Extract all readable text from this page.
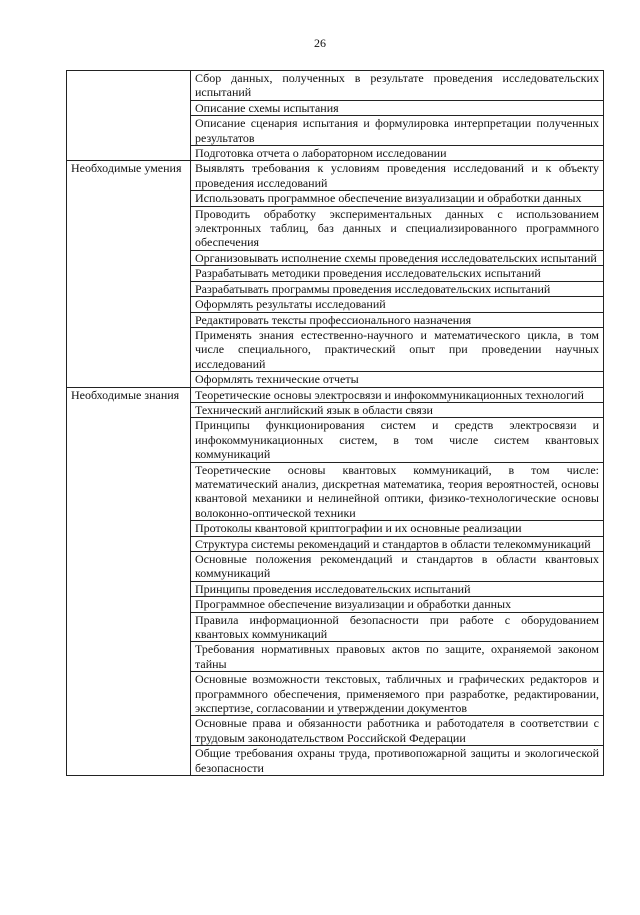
26

	Сбор данных, полученных в результате проведения исследовательских испытаний

	Описание схемы испытания

	Описание сценария испытания и формулировка интерпретации полученных результатов

	Подготовка отчета о лабораторном исследовании

Необходимые умения	Выявлять требования к условиям проведения исследований и к объекту проведения исследований

	Использовать программное обеспечение визуализации и обработки данных

	Проводить обработку экспериментальных данных с использованием электронных таблиц, баз данных и специализированного программного обеспечения

	Организовывать исполнение схемы проведения исследовательских испытаний

	Разрабатывать методики проведения исследовательских испытаний

	Разрабатывать программы проведения исследовательских испытаний

	Оформлять результаты исследований

	Редактировать тексты профессионального назначения

	Применять знания естественно-научного и математического цикла, в том числе специального, практический опыт при проведении научных исследований

	Оформлять технические отчеты

Необходимые знания	Теоретические основы электросвязи и инфокоммуникационных технологий

	Технический английский язык в области связи

	Принципы функционирования систем и средств электросвязи и инфокоммуникационных систем, в том числе систем квантовых коммуникаций

	Теоретические основы квантовых коммуникаций, в том числе: математический анализ, дискретная математика, теория вероятностей, основы квантовой механики и нелинейной оптики, физико-технологические основы волоконно-оптической техники

	Протоколы квантовой криптографии и их основные реализации

	Структура системы рекомендаций и стандартов в области телекоммуникаций

	Основные положения рекомендаций и стандартов в области квантовых коммуникаций

	Принципы проведения исследовательских испытаний

	Программное обеспечение визуализации и обработки данных

	Правила информационной безопасности при работе с оборудованием квантовых коммуникаций

	Требования нормативных правовых актов по защите, охраняемой законом тайны

	Основные возможности текстовых, табличных и графических редакторов и программного обеспечения, применяемого при разработке, редактировании, экспертизе, согласовании и утверждении документов

	Основные права и обязанности работника и работодателя в соответствии с трудовым законодательством Российской Федерации

	Общие требования охраны труда, противопожарной защиты и экологической безопасности
